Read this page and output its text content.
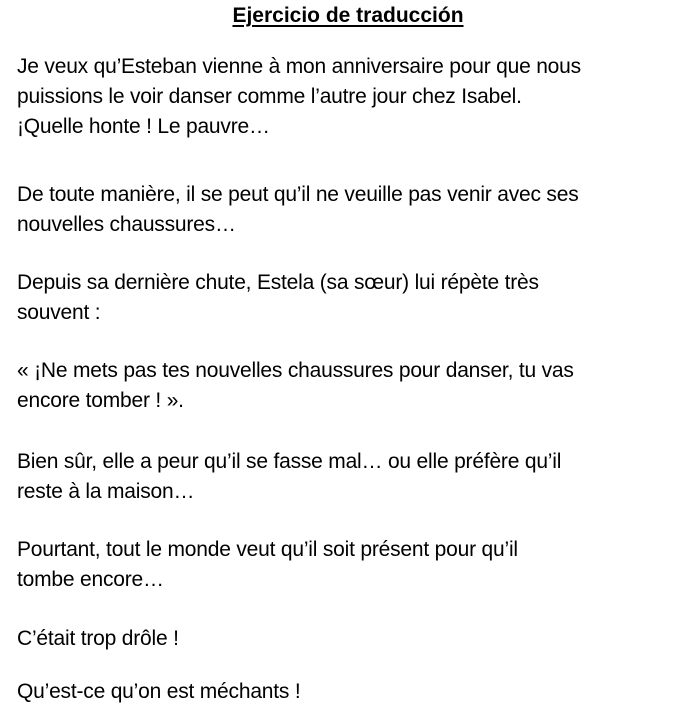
Ejercicio de traducción
Je veux qu’Esteban vienne à mon anniversaire pour que nous
puissions le voir danser comme l’autre jour chez Isabel.
¡Quelle honte ! Le pauvre…
De toute manière, il se peut qu’il ne veuille pas venir avec ses
nouvelles chaussures…
Depuis sa dernière chute, Estela (sa sœur) lui répète très
souvent :
« ¡Ne mets pas tes nouvelles chaussures pour danser, tu vas
encore tomber ! ».
Bien sûr, elle a peur qu’il se fasse mal… ou elle préfère qu’il
reste à la maison…
Pourtant, tout le monde veut qu’il soit présent pour qu’il
tombe encore…
C’était trop drôle !
Qu’est-ce qu’on est méchants !
